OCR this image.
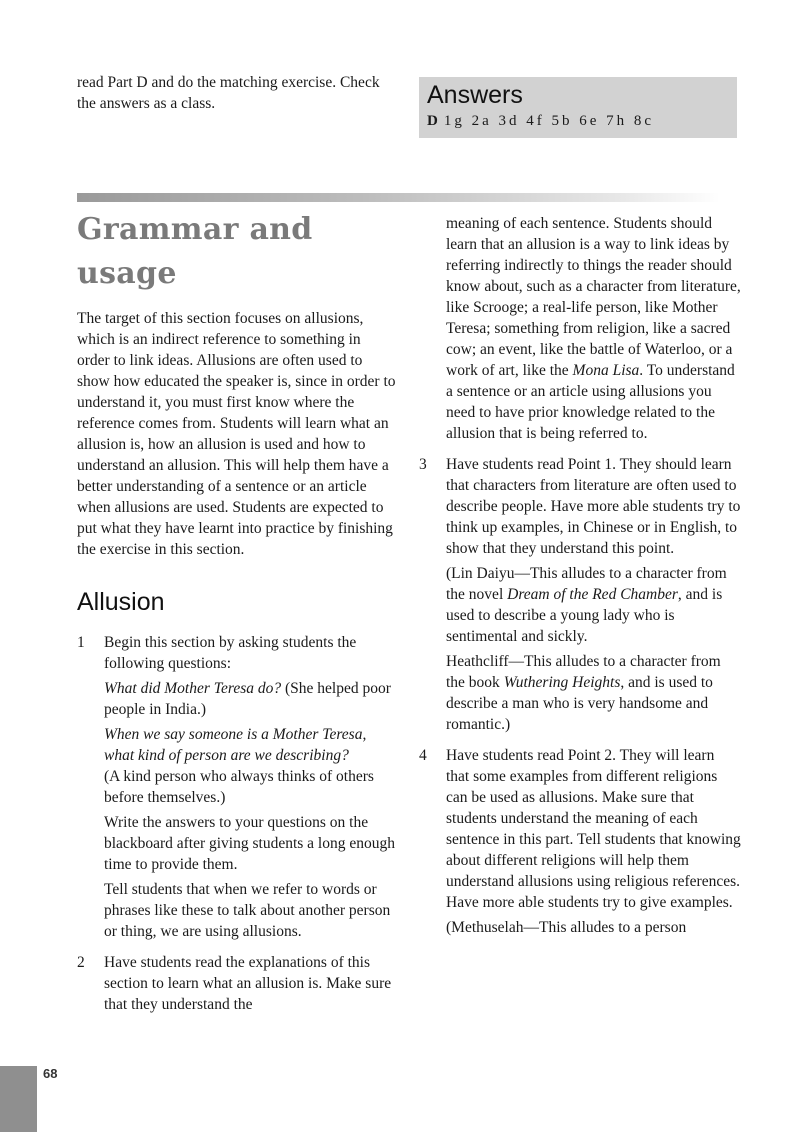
read Part D and do the matching exercise. Check the answers as a class.	Answers
D 1g 2a 3d 4f 5b 6e 7h 8c
Grammar and usage

The target of this section focuses on allusions, which is an indirect reference to something in order to link ideas. Allusions are often used to show how educated the speaker is, since in order to understand it, you must first know where the reference comes from. Students will learn what an allusion is, how an allusion is used and how to understand an allusion. This will help them have a better understanding of a sentence or an article when allusions are used. Students are expected to put what they have learnt into practice by finishing the exercise in this section.

Allusion
1	Begin this section by asking students the following questions:

What did Mother Teresa do? (She helped poor people in India.)

When we say someone is a Mother Teresa, what kind of person are we describing?
(A kind person who always thinks of others before themselves.)

Write the answers to your questions on the blackboard after giving students a long enough time to provide them.

Tell students that when we refer to words or phrases like these to talk about another person or thing, we are using allusions.

2	Have students read the explanations of this section to learn what an allusion is. Make sure that they understand the

meaning of each sentence. Students should learn that an allusion is a way to link ideas by referring indirectly to things the reader should know about, such as a character from literature, like Scrooge; a real-life person, like Mother Teresa; something from religion, like a sacred cow; an event, like the battle of Waterloo, or a work of art, like the Mona Lisa. To understand a sentence or an article using allusions you need to have prior knowledge related to the allusion that is being referred to.

3	Have students read Point 1. They should learn that characters from literature are often used to describe people. Have more able students try to think up examples, in Chinese or in English, to show that they understand this point.

(Lin Daiyu—This alludes to a character from the novel Dream of the Red Chamber, and is used to describe a young lady who is sentimental and sickly.

Heathcliff—This alludes to a character from the book Wuthering Heights, and is used to describe a man who is very handsome and romantic.)

4	Have students read Point 2. They will learn that some examples from different religions can be used as allusions. Make sure that students understand the meaning of each sentence in this part. Tell students that knowing about different religions will help them understand allusions using religious references. Have more able students try to give examples.

(Methuselah—This alludes to a person

68
